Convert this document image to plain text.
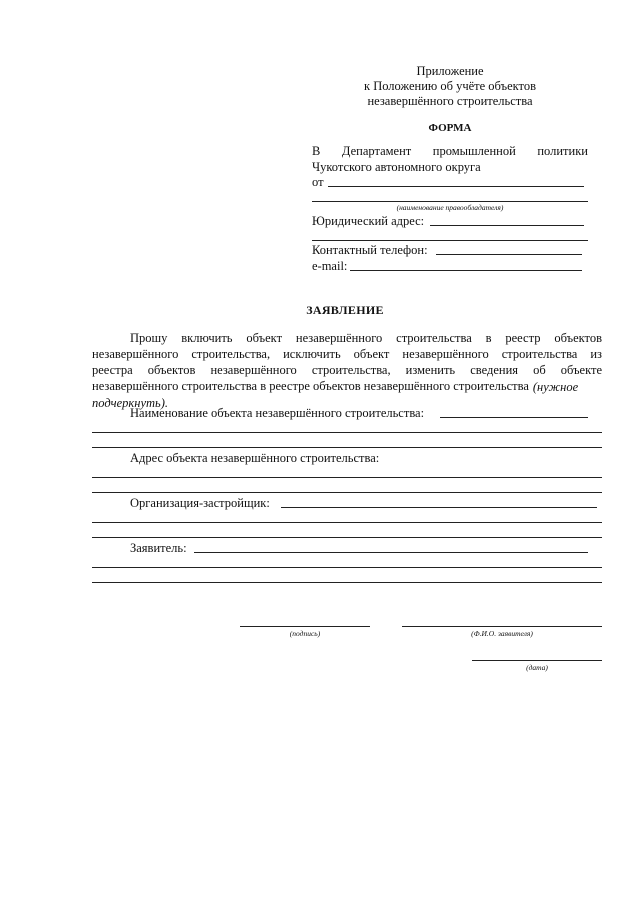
Приложение
к Положению об учёте объектов
незавершённого строительства
ФОРМА
В Департамент промышленной политики
Чукотского автономного округа
от
(наименование правообладателя)
Юридический адрес:
Контактный телефон:
e-mail:
ЗАЯВЛЕНИЕ
Прошу включить объект незавершённого строительства в реестр объектов
незавершённого строительства, исключить объект незавершённого строительства из
реестра объектов незавершённого строительства, изменить сведения об объекте
незавершённого строительства в реестре объектов незавершённого строительства
Наименование объекта незавершённого строительства:
Адрес объекта незавершённого строительства:
Организация-застройщик:
Заявитель:
(подпись)	(Ф.И.О. заявителя)
(дата)
(нужное
подчеркнуть).
